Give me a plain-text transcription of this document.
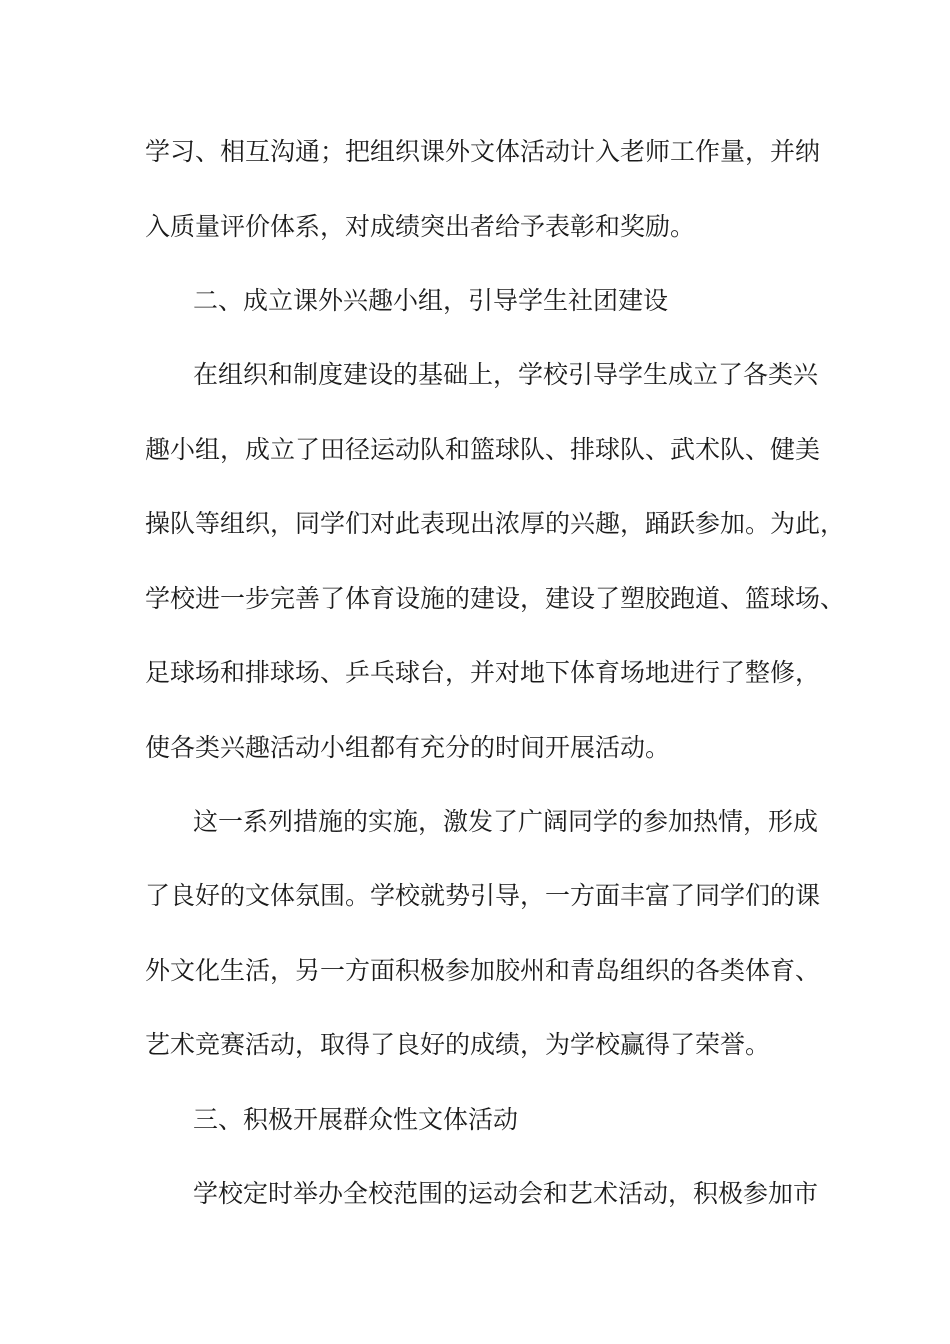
学习、相互沟通；把组织课外文体活动计入老师工作量，并纳

入质量评价体系，对成绩突出者给予表彰和奖励。

二、成立课外兴趣小组，引导学生社团建设

在组织和制度建设的基础上，学校引导学生成立了各类兴

趣小组，成立了田径运动队和篮球队、排球队、武术队、健美

操队等组织，同学们对此表现出浓厚的兴趣，踊跃参加。为此，

学校进一步完善了体育设施的建设，建设了塑胶跑道、篮球场、

足球场和排球场、乒乓球台，并对地下体育场地进行了整修，

使各类兴趣活动小组都有充分的时间开展活动。

这一系列措施的实施，激发了广阔同学的参加热情，形成

了良好的文体氛围。学校就势引导，一方面丰富了同学们的课

外文化生活，另一方面积极参加胶州和青岛组织的各类体育、

艺术竞赛活动，取得了良好的成绩，为学校赢得了荣誉。

三、积极开展群众性文体活动

学校定时举办全校范围的运动会和艺术活动，积极参加市
